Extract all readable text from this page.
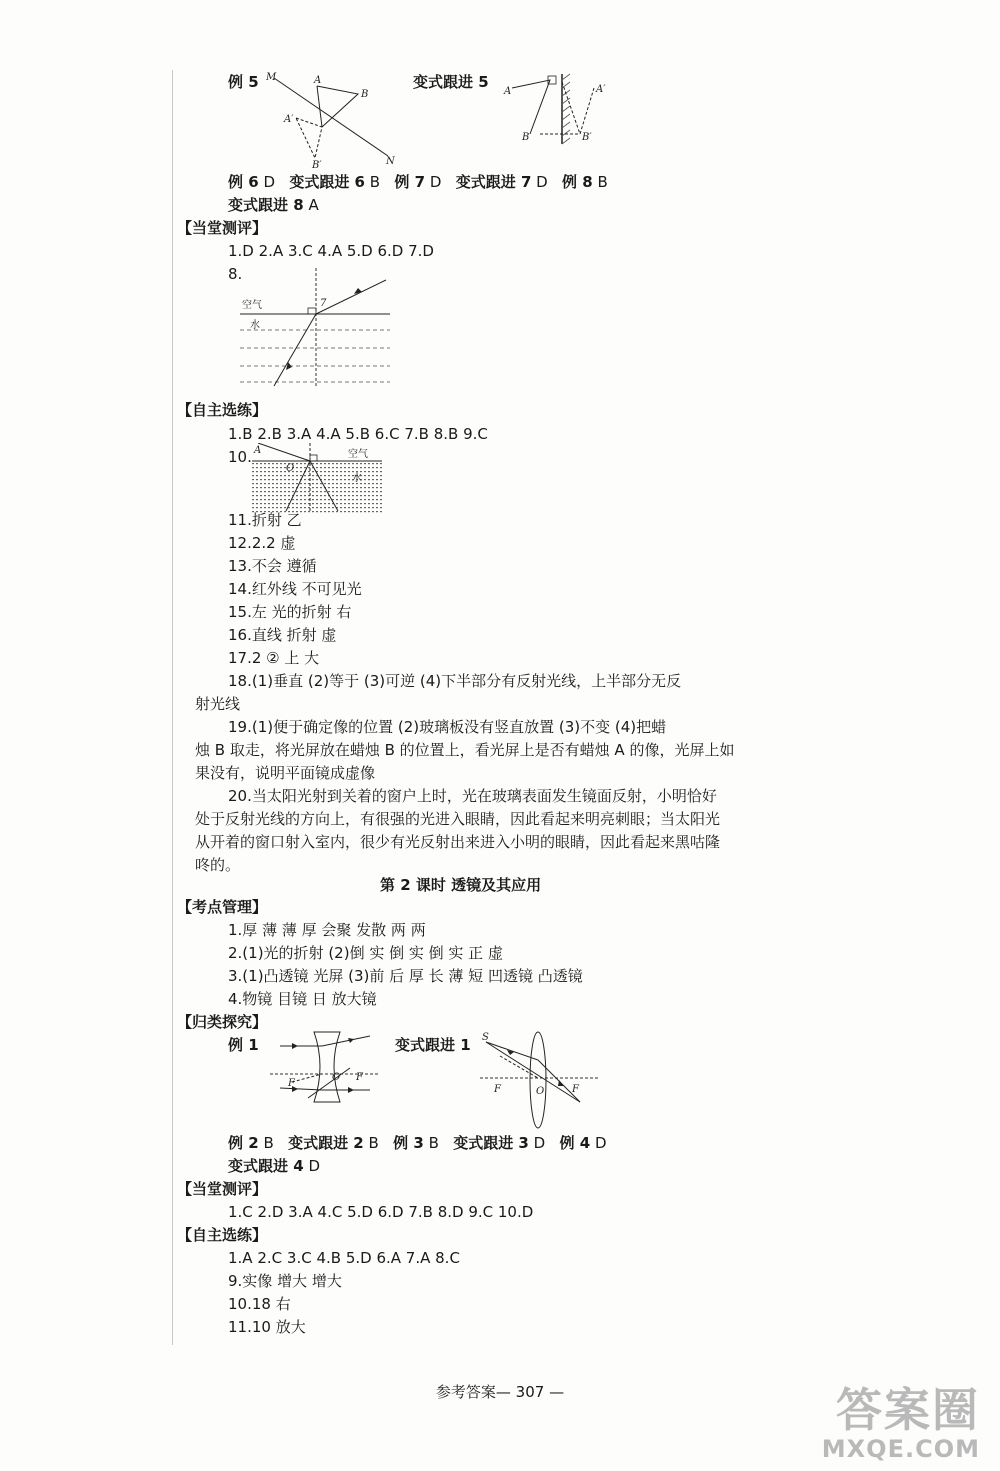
例 5 M	A
B
A′
B′	N
变式跟进 5
A	A′
B	B′
例 6 D 变式跟进 6 B 例 7 D 变式跟进 7 D 例 8 B
变式跟进 8 A
【当堂测评】
1.D 2.A 3.C 4.A 5.D 6.D 7.D
8.
7
空气
水
【自主选练】
1.B 2.B 3.A 4.A 5.B 6.C 7.B 8.B 9.C
10. A
O
空气
水
11.折射 乙
12.2.2 虚
13.不会 遵循
14.红外线 不可见光
15.左 光的折射 右
16.直线 折射 虚
17.2 ② 上 大
18.(1)垂直 (2)等于 (3)可逆 (4)下半部分有反射光线，上半部分无反
射光线
19.(1)便于确定像的位置 (2)玻璃板没有竖直放置 (3)不变 (4)把蜡
烛 B 取走，将光屏放在蜡烛 B 的位置上，看光屏上是否有蜡烛 A 的像，光屏上如
果没有，说明平面镜成虚像
20.当太阳光射到关着的窗户上时，光在玻璃表面发生镜面反射，小明恰好
处于反射光线的方向上，有很强的光进入眼睛，因此看起来明亮刺眼；当太阳光
从开着的窗口射入室内，很少有光反射出来进入小明的眼睛，因此看起来黑咕隆
咚的。
第 2 课时 透镜及其应用
【考点管理】
1.厚 薄 薄 厚 会聚 发散 两 两
2.(1)光的折射 (2)倒 实 倒 实 倒 实 正 虚
3.(1)凸透镜 光屏 (3)前 后 厚 长 薄 短 凹透镜 凸透镜
4.物镜 目镜 日 放大镜
【归类探究】
例 1
F
O F
变式跟进 1 S
F	O	F
例 2 B 变式跟进 2 B 例 3 B 变式跟进 3 D 例 4 D
变式跟进 4 D
【当堂测评】
1.C 2.D 3.A 4.C 5.D 6.D 7.B 8.D 9.C 10.D
【自主选练】
1.A 2.C 3.C 4.B 5.D 6.A 7.A 8.C
9.实像 增大 增大
10.18 右
11.10 放大
参考答案— 307 —	答案圈
MXQE.COM
